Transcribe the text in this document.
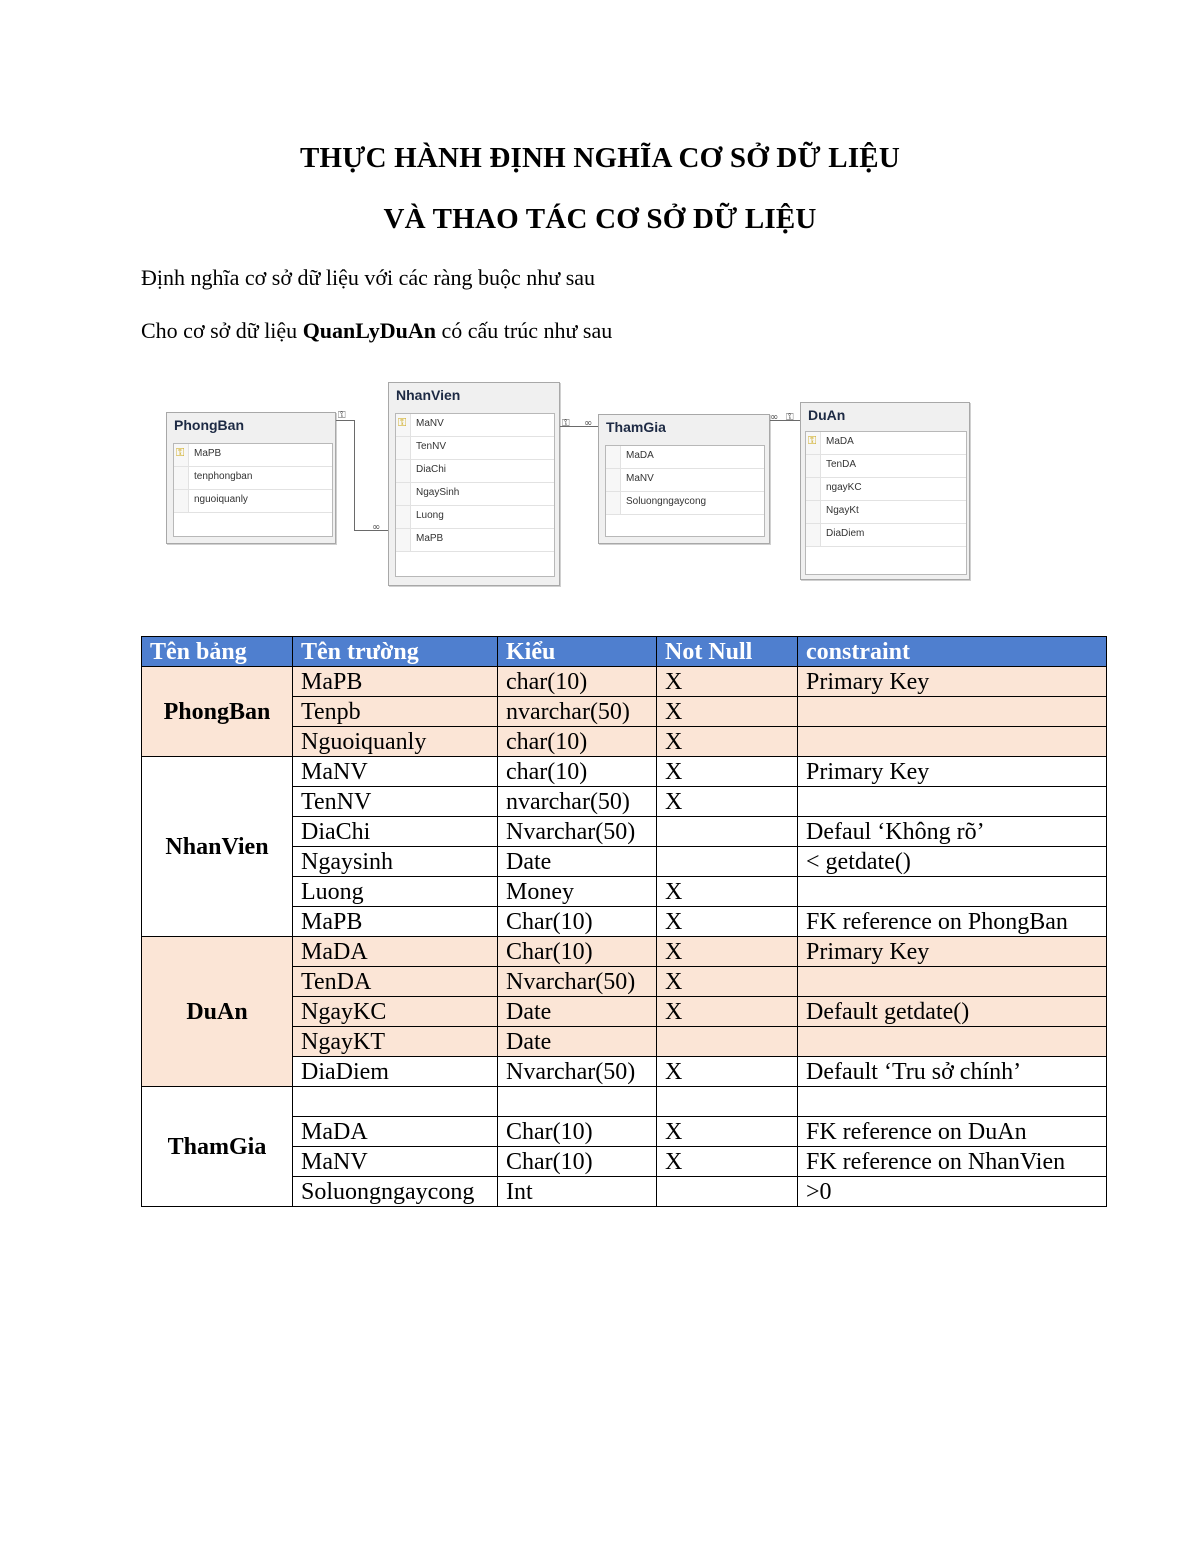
THỰC HÀNH ĐỊNH NGHĨA CƠ SỞ DỮ LIỆU
VÀ THAO TÁC CƠ SỞ DỮ LIỆU
Định nghĩa cơ sở dữ liệu với các ràng buộc như sau
Cho cơ sở dữ liệu QuanLyDuAn có cấu trúc như sau
PhongBan
⚿ MaPB
tenphongban
nguoiquanly
NhanVien
⚿ MaNV
TenNV
DiaChi
NgaySinh
Luong
MaPB
ThamGia
MaDA
MaNV
Soluongngaycong
DuAn
⚿ MaDA
TenDA
ngayKC
NgayKt
DiaDiem
⚿
∞
⚿ ∞
∞ ⚿
Tên bảng	Tên trường	Kiểu	Not Null	constraint
PhongBan	MaPB	char(10)	X	Primary Key
	Tenpb	nvarchar(50)	X	
	Nguoiquanly	char(10)	X	
NhanVien	MaNV	char(10)	X	Primary Key
	TenNV	nvarchar(50)	X	
	DiaChi	Nvarchar(50)		Defaul ‘Không rõ’
	Ngaysinh	Date		< getdate()
	Luong	Money	X	
	MaPB	Char(10)	X	FK reference on PhongBan
DuAn	MaDA	Char(10)	X	Primary Key
	TenDA	Nvarchar(50)	X	
	NgayKC	Date	X	Default getdate()
	NgayKT	Date		
	DiaDiem	Nvarchar(50)	X	Default ‘Tru sở chính’
ThamGia				
	MaDA	Char(10)	X	FK reference on DuAn
	MaNV	Char(10)	X	FK reference on NhanVien
	Soluongngaycong	Int		>0
